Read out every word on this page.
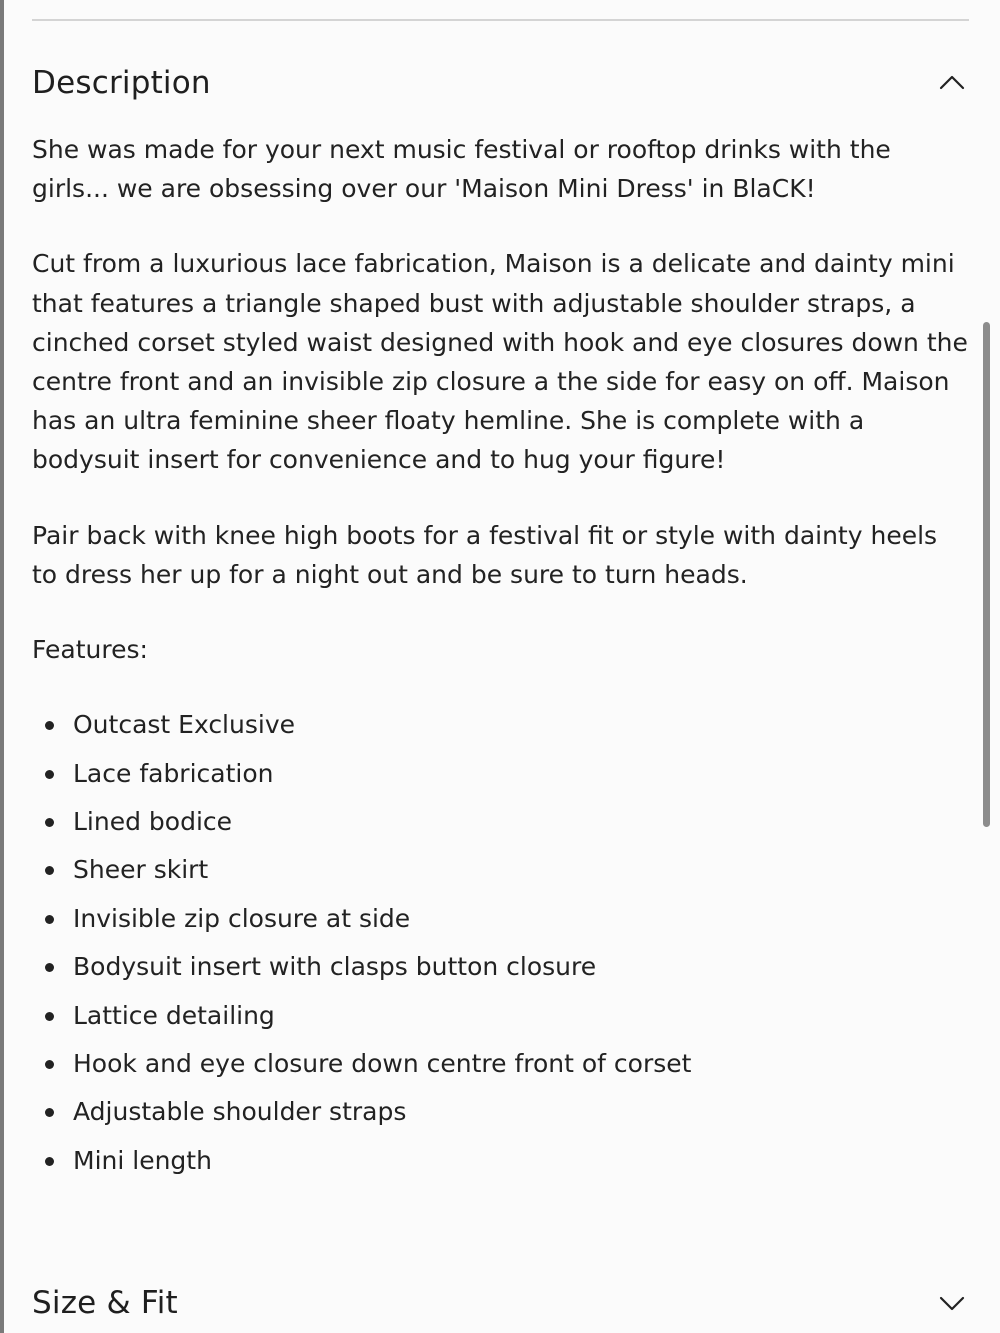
Description

She was made for your next music festival or rooftop drinks with the girls... we are obsessing over our 'Maison Mini Dress' in BlaCK!

Cut from a luxurious lace fabrication, Maison is a delicate and dainty mini that features a triangle shaped bust with adjustable shoulder straps, a cinched corset styled waist designed with hook and eye closures down the centre front and an invisible zip closure a the side for easy on off. Maison has an ultra feminine sheer floaty hemline. She is complete with a bodysuit insert for convenience and to hug your figure!

Pair back with knee high boots for a festival fit or style with dainty heels to dress her up for a night out and be sure to turn heads.

Features:

Outcast Exclusive
Lace fabrication
Lined bodice
Sheer skirt
Invisible zip closure at side
Bodysuit insert with clasps button closure
Lattice detailing
Hook and eye closure down centre front of corset
Adjustable shoulder straps
Mini length
Size & Fit
